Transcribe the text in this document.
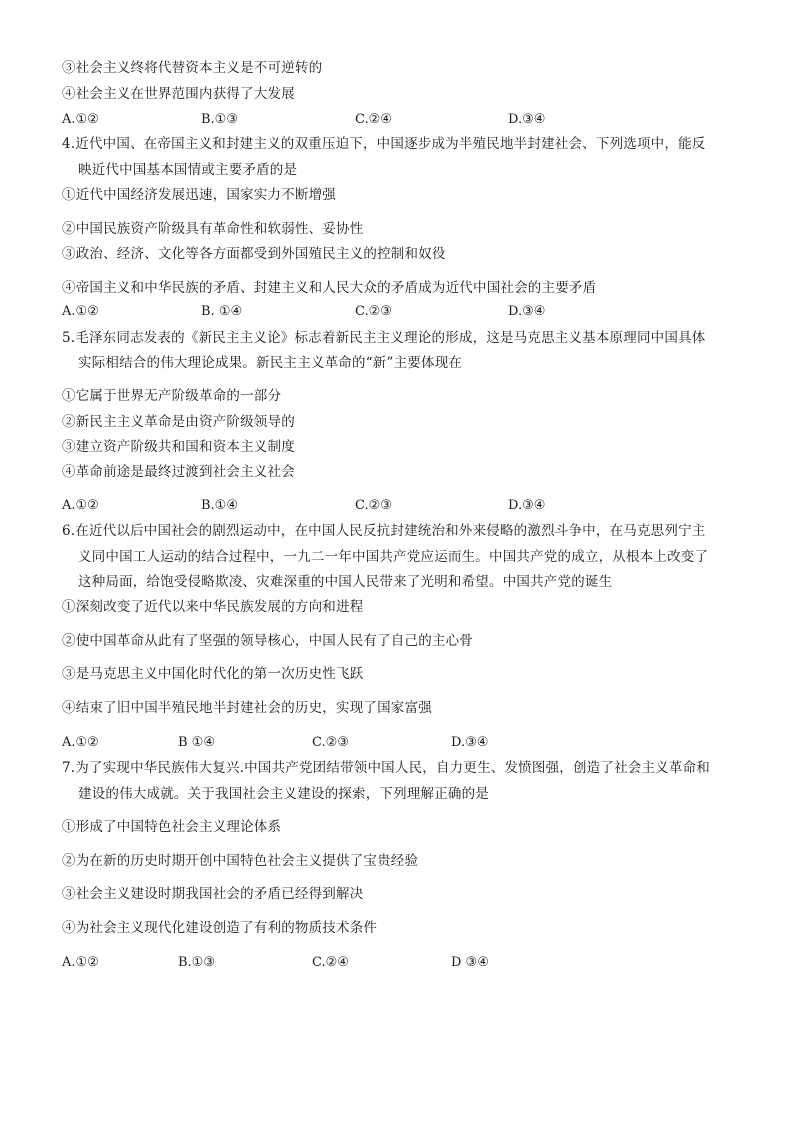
③社会主义终将代替资本主义是不可逆转的
④社会主义在世界范围内获得了大发展
A.①②	B.①③	C.②④	D.③④
4.近代中国、在帝国主义和封建主义的双重压迫下，中国逐步成为半殖民地半封建社会、下列选项中，能反
映近代中国基本国情或主要矛盾的是
①近代中国经济发展迅速，国家实力不断增强
②中国民族资产阶级具有革命性和软弱性、妥协性
③政治、经济、文化等各方面都受到外国殖民主义的控制和奴役
④帝国主义和中华民族的矛盾、封建主义和人民大众的矛盾成为近代中国社会的主要矛盾
A.①②	B. ①④	C.②③	D.③④
5.毛泽东同志发表的《新民主主义论》标志着新民主主义理论的形成，这是马克思主义基本原理同中国具体
实际相结合的伟大理论成果。新民主主义革命的“新”主要体现在
①它属于世界无产阶级革命的一部分
②新民主主义革命是由资产阶级领导的
③建立资产阶级共和国和资本主义制度
④革命前途是最终过渡到社会主义社会
A.①②	B.①④	C.②③	D.③④
6.在近代以后中国社会的剧烈运动中，在中国人民反抗封建统治和外来侵略的激烈斗争中，在马克思列宁主
义同中国工人运动的结合过程中，一九二一年中国共产党应运而生。中国共产党的成立，从根本上改变了
这种局面，给饱受侵略欺凌、灾难深重的中国人民带来了光明和希望。中国共产党的诞生
①深刻改变了近代以来中华民族发展的方向和进程
②使中国革命从此有了坚强的领导核心，中国人民有了自己的主心骨
③是马克思主义中国化时代化的第一次历史性飞跃
④结束了旧中国半殖民地半封建社会的历史，实现了国家富强
A.①②	B ①④	C.②③	D.③④
7.为了实现中华民族伟大复兴.中国共产党团结带领中国人民，自力更生、发愤图强，创造了社会主义革命和
建设的伟大成就。关于我国社会主义建设的探索，下列理解正确的是
①形成了中国特色社会主义理论体系
②为在新的历史时期开创中国特色社会主义提供了宝贵经验
③社会主义建设时期我国社会的矛盾已经得到解决
④为社会主义现代化建设创造了有利的物质技术条件
A.①②	B.①③	C.②④	D ③④
